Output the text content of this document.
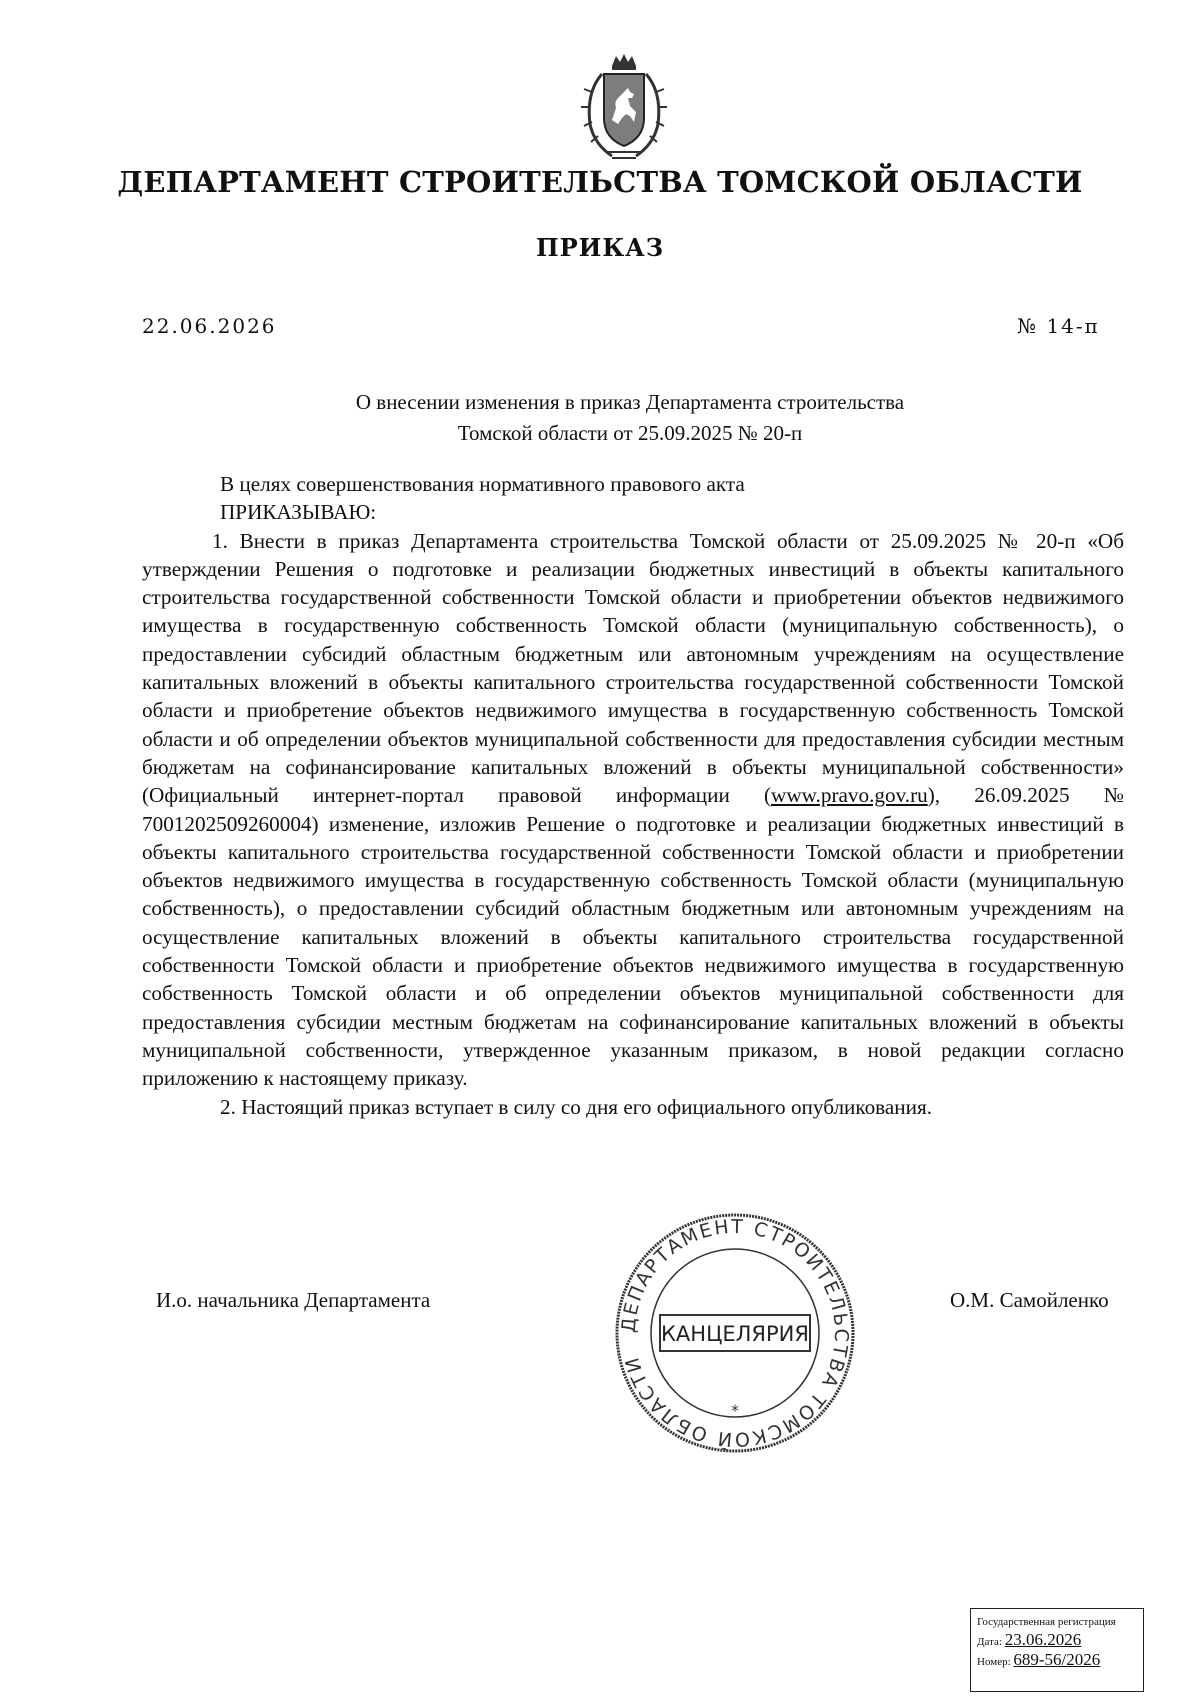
ДЕПАРТАМЕНТ СТРОИТЕЛЬСТВА ТОМСКОЙ ОБЛАСТИ
ПРИКАЗ
22.06.2026	№ 14-п
О внесении изменения в приказ Департамента строительства
Томской области от 25.09.2025 № 20-п

В целях совершенствования нормативного правового акта

ПРИКАЗЫВАЮ:

1. Внести в приказ Департамента строительства Томской области от 25.09.2025 № 20-п «Об утверждении Решения о подготовке и реализации бюджетных инвестиций в объекты капитального строительства государственной собственности Томской области и приобретении объектов недвижимого имущества в государственную собственность Томской области (муниципальную собственность), о предоставлении субсидий областным бюджетным или автономным учреждениям на осуществление капитальных вложений в объекты капитального строительства государственной собственности Томской области и приобретение объектов недвижимого имущества в государственную собственность Томской области и об определении объектов муниципальной собственности для предоставления субсидии местным бюджетам на софинансирование капитальных вложений в объекты муниципальной собственности» (Официальный интернет-портал правовой информации (www.pravo.gov.ru), 26.09.2025 № 7001202509260004) изменение, изложив Решение о подготовке и реализации бюджетных инвестиций в объекты капитального строительства государственной собственности Томской области и приобретении объектов недвижимого имущества в государственную собственность Томской области (муниципальную собственность), о предоставлении субсидий областным бюджетным или автономным учреждениям на осуществление капитальных вложений в объекты капитального строительства государственной собственности Томской области и приобретение объектов недвижимого имущества в государственную собственность Томской области и об определении объектов муниципальной собственности для предоставления субсидии местным бюджетам на софинансирование капитальных вложений в объекты муниципальной собственности, утвержденное указанным приказом, в новой редакции согласно приложению к настоящему приказу.

2. Настоящий приказ вступает в силу со дня его официального опубликования.

И.о. начальника Департамента	О.М. Самойленко
ДЕПАРТАМЕНТ СТРОИТЕЛЬСТВА ТОМСКОЙ ОБЛАСТИ
КАНЦЕЛЯРИЯ
*
Государственная регистрация
Дата: 23.06.2026
Номер: 689-56/2026
